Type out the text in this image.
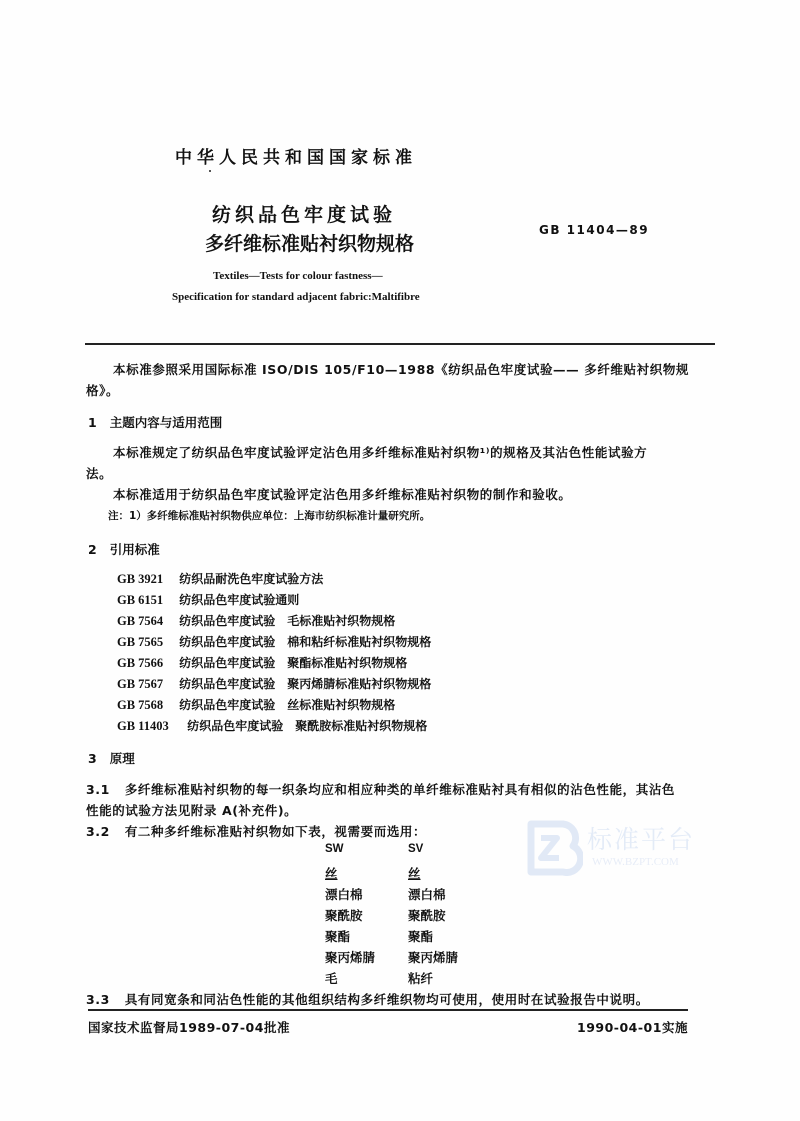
中华人民共和国国家标准
纺织品色牢度试验
多纤维标准贴衬织物规格
GB 11404—89
Textiles—Tests for colour fastness—
Specification for standard adjacent fabric:Maltifibre
本标准参照采用国际标准 ISO/DIS 105/F10—1988《纺织品色牢度试验—— 多纤维贴衬织物规
格》。
1 主题内容与适用范围
本标准规定了纺织品色牢度试验评定沾色用多纤维标准贴衬织物¹⁾的规格及其沾色性能试验方
法。
本标准适用于纺织品色牢度试验评定沾色用多纤维标准贴衬织物的制作和验收。
注：1）多纤维标准贴衬织物供应单位：上海市纺织标准计量研究所。
2 引用标准
GB 3921 纺织品耐洗色牢度试验方法
GB 6151 纺织品色牢度试验通则
GB 7564 纺织品色牢度试验　毛标准贴衬织物规格
GB 7565 纺织品色牢度试验　棉和粘纤标准贴衬织物规格
GB 7566 纺织品色牢度试验　聚酯标准贴衬织物规格
GB 7567 纺织品色牢度试验　聚丙烯腈标准贴衬织物规格
GB 7568 纺织品色牢度试验　丝标准贴衬织物规格
GB 11403 纺织品色牢度试验　聚酰胺标准贴衬织物规格
3 原理
3.1 多纤维标准贴衬织物的每一织条均应和相应种类的单纤维标准贴衬具有相似的沾色性能，其沾色
性能的试验方法见附录 A(补充件)。
3.2 有二种多纤维标准贴衬织物如下表，视需要而选用：
SW	SV
丝	丝
漂白棉	漂白棉
聚酰胺	聚酰胺
聚酯	聚酯
聚丙烯腈	聚丙烯腈
毛	粘纤
3.3 具有同宽条和同沾色性能的其他组织结构多纤维织物均可使用，使用时在试验报告中说明。
标准平台
WWW.BZPT.COM
国家技术监督局1989-07-04批准	1990-04-01实施
